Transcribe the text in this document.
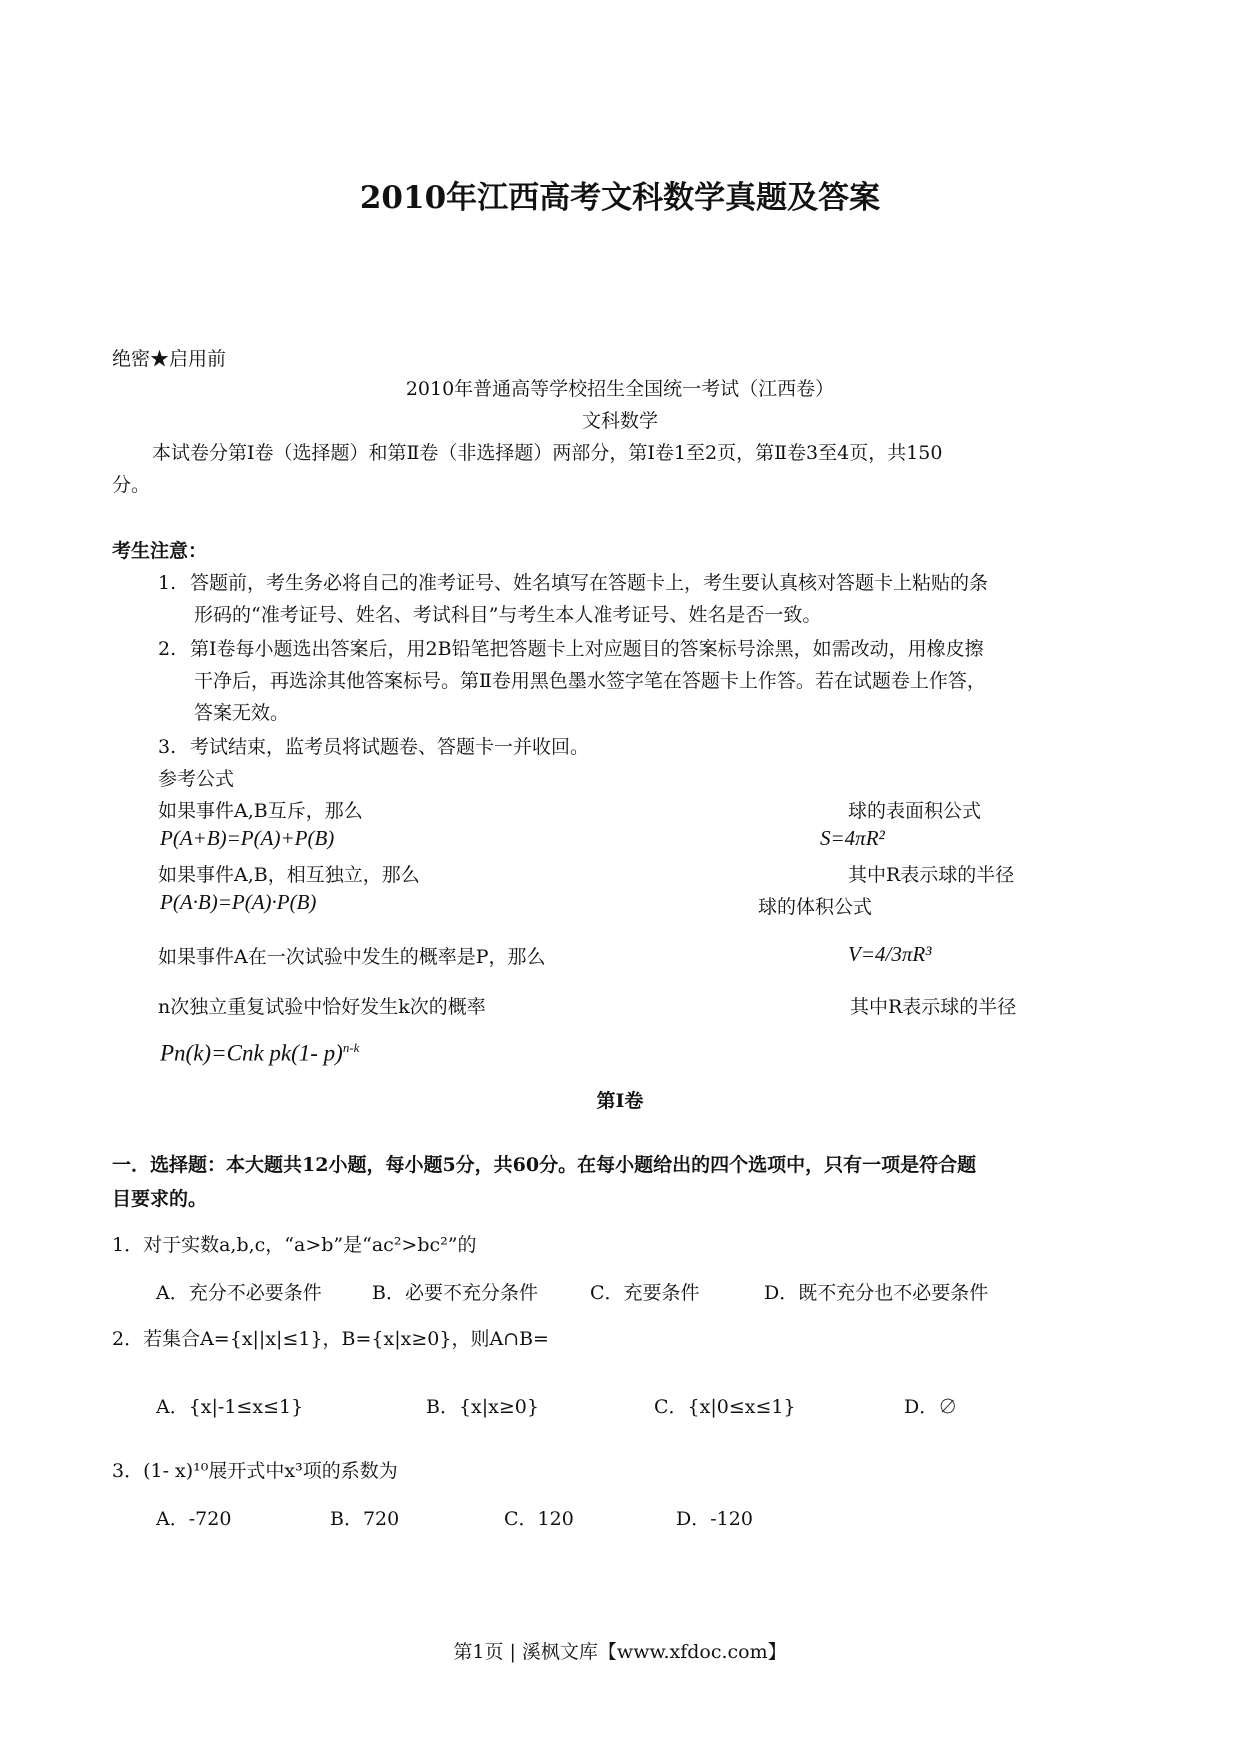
2010年江西高考文科数学真题及答案
绝密★启用前
2010年普通高等学校招生全国统一考试（江西卷）
文科数学
本试卷分第Ⅰ卷（选择题）和第Ⅱ卷（非选择题）两部分，第Ⅰ卷1至2页，第Ⅱ卷3至4页，共150
分。
考生注意：
1. 答题前，考生务必将自己的准考证号、姓名填写在答题卡上，考生要认真核对答题卡上粘贴的条
形码的“准考证号、姓名、考试科目”与考生本人准考证号、姓名是否一致。
2. 第Ⅰ卷每小题选出答案后，用2B铅笔把答题卡上对应题目的答案标号涂黑，如需改动，用橡皮擦
干净后，再选涂其他答案标号。第Ⅱ卷用黑色墨水签字笔在答题卡上作答。若在试题卷上作答，
答案无效。
3. 考试结束，监考员将试题卷、答题卡一并收回。
参考公式
如果事件A,B互斥，那么
P(A+B)=P(A)+P(B)
如果事件A,B，相互独立，那么
P(A·B)=P(A)·P(B)
如果事件A在一次试验中发生的概率是P，那么
n次独立重复试验中恰好发生k次的概率
Pn(k)=Cnk pk(1- p)$^{n-k}$
球的表面积公式
S=4πR²
其中R表示球的半径
球的体积公式
V=4/3πR³
其中R表示球的半径
第Ⅰ卷
一．选择题：本大题共12小题，每小题5分，共60分。在每小题给出的四个选项中，只有一项是符合题
目要求的。
1．对于实数a,b,c，“a>b”是“ac²>bc²”的
A．充分不必要条件	B．必要不充分条件	C．充要条件	D．既不充分也不必要条件
2．若集合A={x||x|≤1}，B={x|x≥0}，则A∩B=
A．{x|-1≤x≤1}	B．{x|x≥0}	C．{x|0≤x≤1}	D．∅
3．(1- x)¹⁰展开式中x³项的系数为
A．-720	B．720	C．120	D．-120
第1页 | 溪枫文库【www.xfdoc.com】
